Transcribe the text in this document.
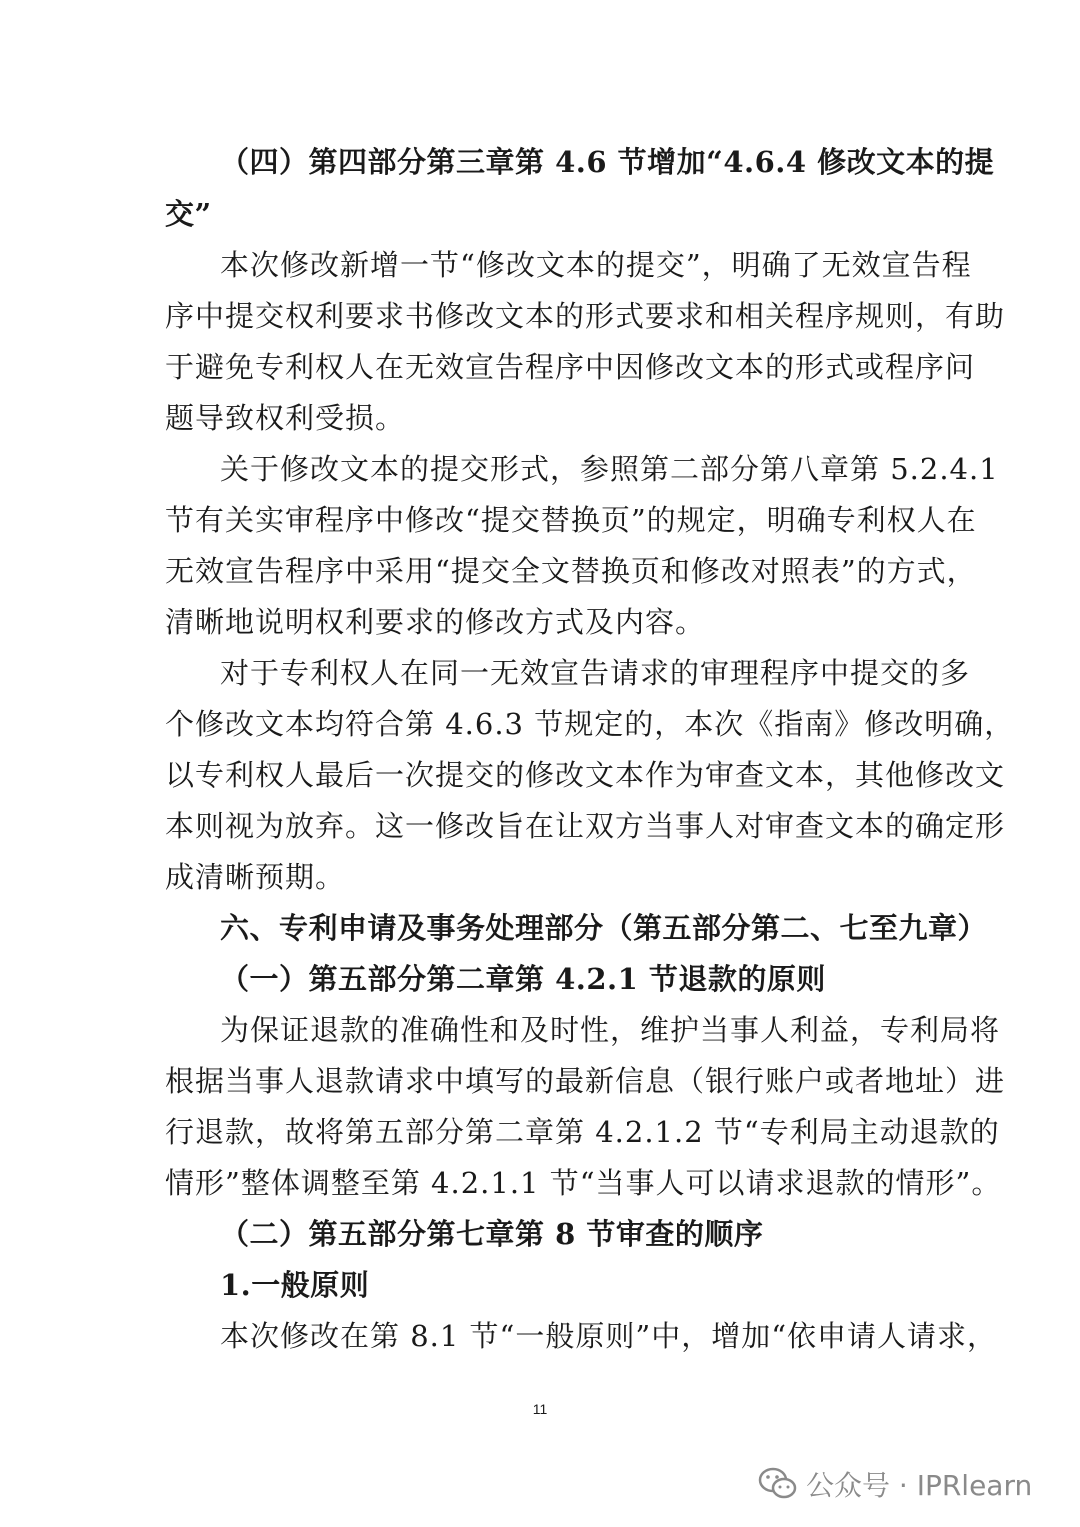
（四）第四部分第三章第 4.6 节增加“4.6.4 修改文本的提
交”
本次修改新增一节“修改文本的提交”，明确了无效宣告程
序中提交权利要求书修改文本的形式要求和相关程序规则，有助
于避免专利权人在无效宣告程序中因修改文本的形式或程序问
题导致权利受损。
关于修改文本的提交形式，参照第二部分第八章第 5.2.4.1
节有关实审程序中修改“提交替换页”的规定，明确专利权人在
无效宣告程序中采用“提交全文替换页和修改对照表”的方式，
清晰地说明权利要求的修改方式及内容。
对于专利权人在同一无效宣告请求的审理程序中提交的多
个修改文本均符合第 4.6.3 节规定的，本次《指南》修改明确，
以专利权人最后一次提交的修改文本作为审查文本，其他修改文
本则视为放弃。这一修改旨在让双方当事人对审查文本的确定形
成清晰预期。
六、专利申请及事务处理部分（第五部分第二、七至九章）
（一）第五部分第二章第 4.2.1 节退款的原则
为保证退款的准确性和及时性，维护当事人利益，专利局将
根据当事人退款请求中填写的最新信息（银行账户或者地址）进
行退款，故将第五部分第二章第 4.2.1.2 节“专利局主动退款的
情形”整体调整至第 4.2.1.1 节“当事人可以请求退款的情形”。
（二）第五部分第七章第 8 节审查的顺序
1.一般原则
本次修改在第 8.1 节“一般原则”中，增加“依申请人请求，
11
公众号 · IPRlearn
